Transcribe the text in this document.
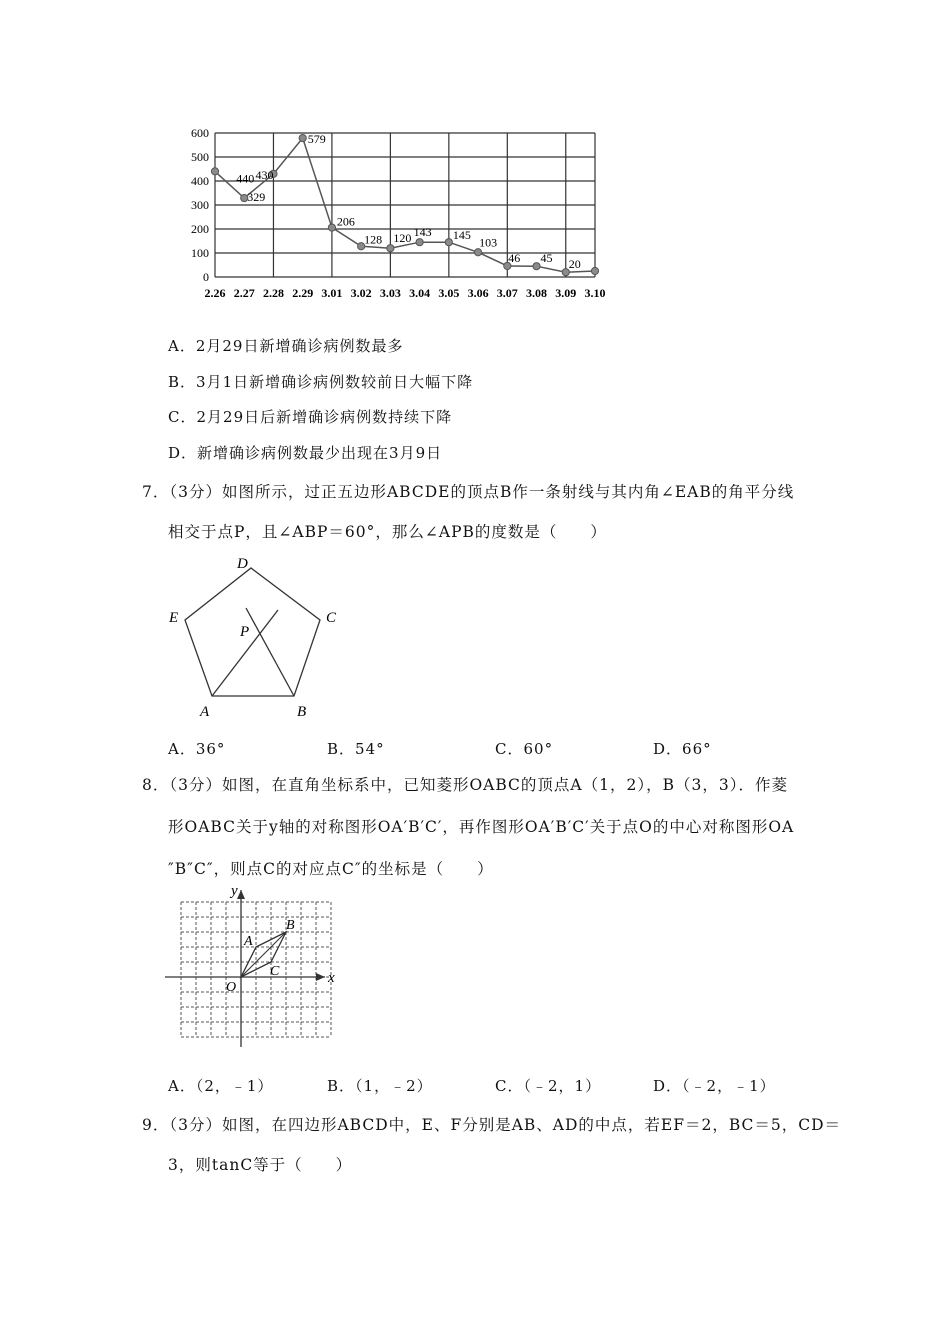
0
100
200
300
400
500
600
2.26 2.27 2.28 2.29 3.01 3.02 3.03 3.04 3.05 3.06 3.07 3.08 3.09 3.10
329
430
579
206
128 120 143 145
103
46 45 20
440
A．2月29日新增确诊病例数最多
B．3月1日新增确诊病例数较前日大幅下降
C．2月29日后新增确诊病例数持续下降
D．新增确诊病例数最少出现在3月9日
7．（3分）如图所示，过正五边形ABCDE的顶点B作一条射线与其内角∠EAB的角平分线
相交于点P，且∠ABP＝60°，那么∠APB的度数是（　　）
D
E	C
P
A	B
A．36°	B．54°	C．60°	D．66°
8．（3分）如图，在直角坐标系中，已知菱形OABC的顶点A（1，2），B（3，3）．作菱
形OABC关于y轴的对称图形OA′B′C′，再作图形OA′B′C′关于点O的中心对称图形OA
″B″C″，则点C的对应点C″的坐标是（　　）
x
y
O
A
B
C
A．（2，﹣1）	B．（1，﹣2）	C．（﹣2，1）	D．（﹣2，﹣1）
9．（3分）如图，在四边形ABCD中，E、F分别是AB、AD的中点，若EF＝2，BC＝5，CD＝
3，则tanC等于（　　）
